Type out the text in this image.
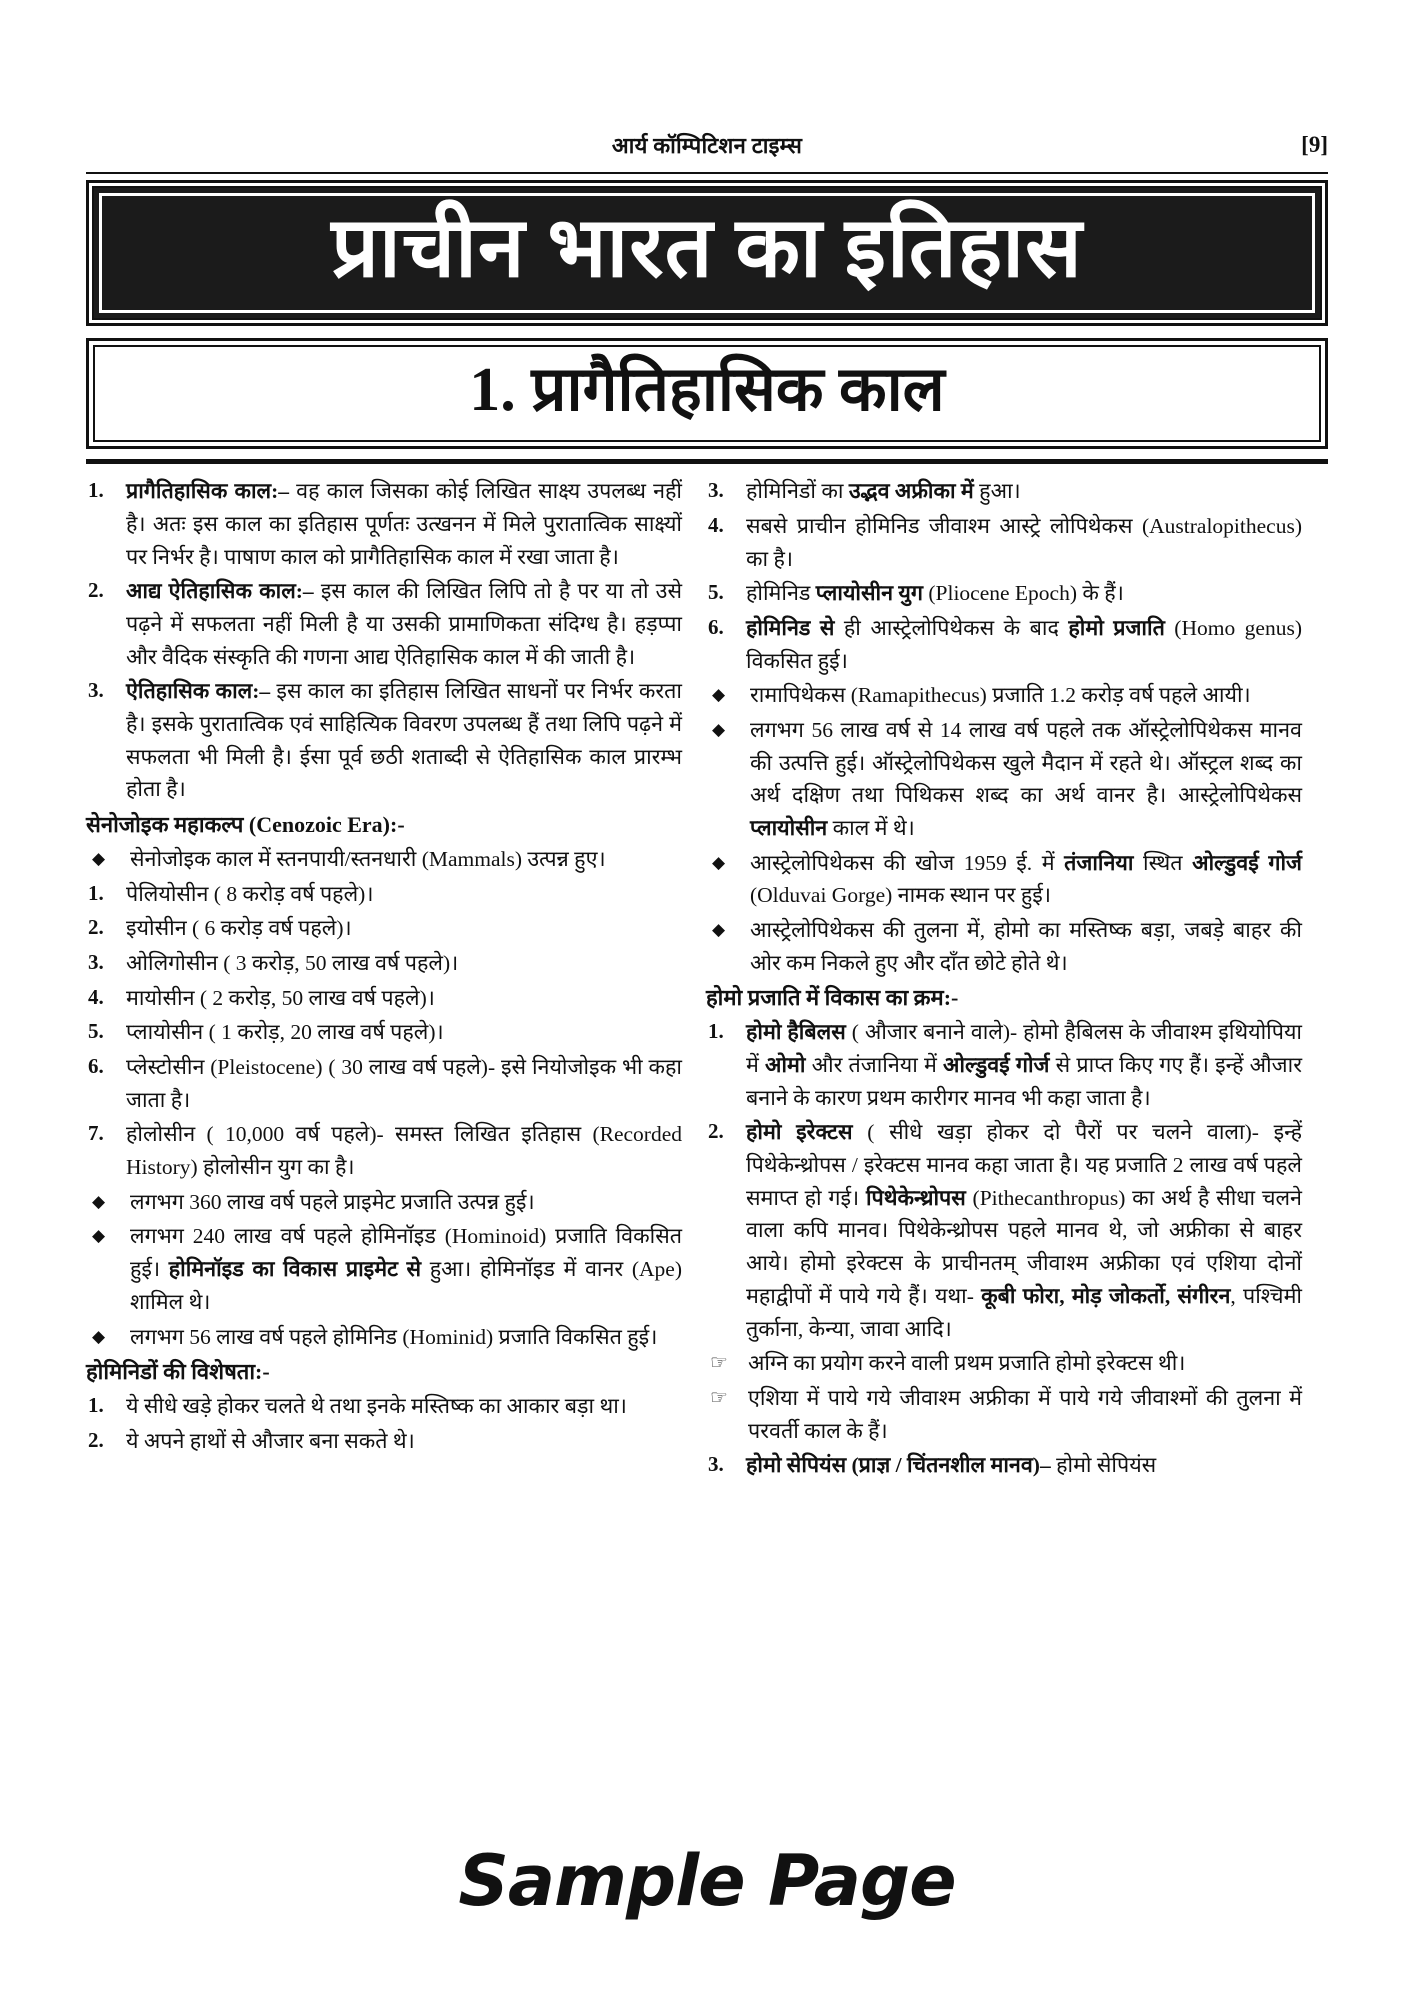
आर्य कॉम्पिटिशन टाइम्स	[9]
प्राचीन भारत का इतिहास
1. प्रागैतिहासिक काल
1.	प्रागैतिहासिक काल:– वह काल जिसका कोई लिखित साक्ष्य उपलब्ध नहीं है। अतः इस काल का इतिहास पूर्णतः उत्खनन में मिले पुरातात्विक साक्ष्यों पर निर्भर है। पाषाण काल को प्रागैतिहासिक काल में रखा जाता है।
2.	आद्य ऐतिहासिक काल:– इस काल की लिखित लिपि तो है पर या तो उसे पढ़ने में सफलता नहीं मिली है या उसकी प्रामाणिकता संदिग्ध है। हड़प्पा और वैदिक संस्कृति की गणना आद्य ऐतिहासिक काल में की जाती है।
3.	ऐतिहासिक काल:– इस काल का इतिहास लिखित साधनों पर निर्भर करता है। इसके पुरातात्विक एवं साहित्यिक विवरण उपलब्ध हैं तथा लिपि पढ़ने में सफलता भी मिली है। ईसा पूर्व छठी शताब्दी से ऐतिहासिक काल प्रारम्भ होता है।
सेनोजोइक महाकल्प (Cenozoic Era):-
◆	सेनोजोइक काल में स्तनपायी/स्तनधारी (Mammals) उत्पन्न हुए।
1.	पेलियोसीन ( 8 करोड़ वर्ष पहले)।
2.	इयोसीन ( 6 करोड़ वर्ष पहले)।
3.	ओलिगोसीन ( 3 करोड़, 50 लाख वर्ष पहले)।
4.	मायोसीन ( 2 करोड़, 50 लाख वर्ष पहले)।
5.	प्लायोसीन ( 1 करोड़, 20 लाख वर्ष पहले)।
6.	प्लेस्टोसीन (Pleistocene) ( 30 लाख वर्ष पहले)- इसे नियोजोइक भी कहा जाता है।
7.	होलोसीन ( 10,000 वर्ष पहले)- समस्त लिखित इतिहास (Recorded History) होलोसीन युग का है।
◆	लगभग 360 लाख वर्ष पहले प्राइमेट प्रजाति उत्पन्न हुई।
◆	लगभग 240 लाख वर्ष पहले होमिनॉइड (Hominoid) प्रजाति विकसित हुई। होमिनॉइड का विकास प्राइमेट से हुआ। होमिनॉइड में वानर (Ape) शामिल थे।
◆	लगभग 56 लाख वर्ष पहले होमिनिड (Hominid) प्रजाति विकसित हुई।
होमिनिडों की विशेषता:-
1.	ये सीधे खड़े होकर चलते थे तथा इनके मस्तिष्क का आकार बड़ा था।
2.	ये अपने हाथों से औजार बना सकते थे।
3.	होमिनिडों का उद्भव अफ्रीका में हुआ।
4.	सबसे प्राचीन होमिनिड जीवाश्म आस्ट्रे लोपिथेकस (Australopithecus) का है।
5.	होमिनिड प्लायोसीन युग (Pliocene Epoch) के हैं।
6.	होमिनिड से ही आस्ट्रेलोपिथेकस के बाद होमो प्रजाति (Homo genus) विकसित हुई।
◆	रामापिथेकस (Ramapithecus) प्रजाति 1.2 करोड़ वर्ष पहले आयी।
◆	लगभग 56 लाख वर्ष से 14 लाख वर्ष पहले तक ऑस्ट्रेलोपिथेकस मानव की उत्पत्ति हुई। ऑस्ट्रेलोपिथेकस खुले मैदान में रहते थे। ऑस्ट्रल शब्द का अर्थ दक्षिण तथा पिथिकस शब्द का अर्थ वानर है। आस्ट्रेलोपिथेकस प्लायोसीन काल में थे।
◆	आस्ट्रेलोपिथेकस की खोज 1959 ई. में तंजानिया स्थित ओल्डुवई गोर्ज (Olduvai Gorge) नामक स्थान पर हुई।
◆	आस्ट्रेलोपिथेकस की तुलना में, होमो का मस्तिष्क बड़ा, जबड़े बाहर की ओर कम निकले हुए और दाँत छोटे होते थे।
होमो प्रजाति में विकास का क्रम:-
1.	होमो हैबिलस ( औजार बनाने वाले)- होमो हैबिलस के जीवाश्म इथियोपिया में ओमो और तंजानिया में ओल्डुवई गोर्ज से प्राप्त किए गए हैं। इन्हें औजार बनाने के कारण प्रथम कारीगर मानव भी कहा जाता है।
2.	होमो इरेक्टस ( सीधे खड़ा होकर दो पैरों पर चलने वाला)- इन्हें पिथेकेन्थ्रोपस / इरेक्टस मानव कहा जाता है। यह प्रजाति 2 लाख वर्ष पहले समाप्त हो गई। पिथेकेन्थ्रोपस (Pithecanthropus) का अर्थ है सीधा चलने वाला कपि मानव। पिथेकेन्थ्रोपस पहले मानव थे, जो अफ्रीका से बाहर आये। होमो इरेक्टस के प्राचीनतम् जीवाश्म अफ्रीका एवं एशिया दोनों महाद्वीपों में पाये गये हैं। यथा- कूबी फोरा, मोड़ जोकर्तो, संगीरन, पश्चिमी तुर्काना, केन्या, जावा आदि।
☞ अग्नि का प्रयोग करने वाली प्रथम प्रजाति होमो इरेक्टस थी।
☞ एशिया में पाये गये जीवाश्म अफ्रीका में पाये गये जीवाश्मों की तुलना में परवर्ती काल के हैं।
3.	होमो सेपियंस (प्राज्ञ / चिंतनशील मानव)– होमो सेपियंस
Sample Page
